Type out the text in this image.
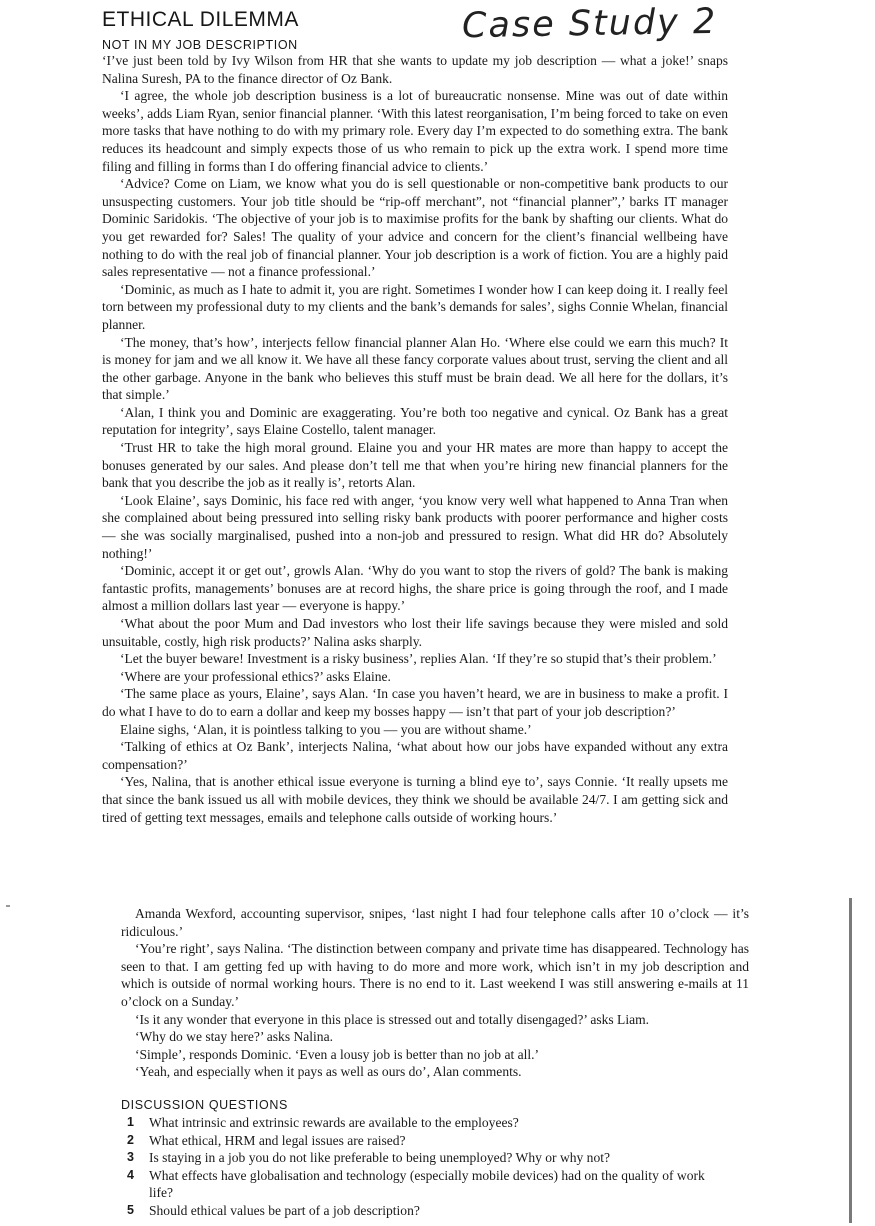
ETHICAL DILEMMA
NOT IN MY JOB DESCRIPTION	Case Study 2

‘I’ve just been told by Ivy Wilson from HR that she wants to update my job description — what a joke!’ snaps Nalina Suresh, PA to the finance director of Oz Bank.

‘I agree, the whole job description business is a lot of bureaucratic nonsense. Mine was out of date within weeks’, adds Liam Ryan, senior financial planner. ‘With this latest reorganisation, I’m being forced to take on even more tasks that have nothing to do with my primary role. Every day I’m expected to do something extra. The bank reduces its headcount and simply expects those of us who remain to pick up the extra work. I spend more time filing and filling in forms than I do offering financial advice to clients.’

‘Advice? Come on Liam, we know what you do is sell questionable or non-competitive bank products to our unsuspecting customers. Your job title should be “rip-off merchant”, not “financial planner”,’ barks IT manager Dominic Saridokis. ‘The objective of your job is to maximise profits for the bank by shafting our clients. What do you get rewarded for? Sales! The quality of your advice and concern for the client’s financial wellbeing have nothing to do with the real job of financial planner. Your job description is a work of fiction. You are a highly paid sales representative — not a finance professional.’

‘Dominic, as much as I hate to admit it, you are right. Sometimes I wonder how I can keep doing it. I really feel torn between my professional duty to my clients and the bank’s demands for sales’, sighs Connie Whelan, financial planner.

‘The money, that’s how’, interjects fellow financial planner Alan Ho. ‘Where else could we earn this much? It is money for jam and we all know it. We have all these fancy corporate values about trust, serving the client and all the other garbage. Anyone in the bank who believes this stuff must be brain dead. We all here for the dollars, it’s that simple.’

‘Alan, I think you and Dominic are exaggerating. You’re both too negative and cynical. Oz Bank has a great reputation for integrity’, says Elaine Costello, talent manager.

‘Trust HR to take the high moral ground. Elaine you and your HR mates are more than happy to accept the bonuses generated by our sales. And please don’t tell me that when you’re hiring new financial planners for the bank that you describe the job as it really is’, retorts Alan.

‘Look Elaine’, says Dominic, his face red with anger, ‘you know very well what happened to Anna Tran when she complained about being pressured into selling risky bank products with poorer performance and higher costs — she was socially marginalised, pushed into a non-job and pressured to resign. What did HR do? Absolutely nothing!’

‘Dominic, accept it or get out’, growls Alan. ‘Why do you want to stop the rivers of gold? The bank is making fantastic profits, managements’ bonuses are at record highs, the share price is going through the roof, and I made almost a million dollars last year — everyone is happy.’

‘What about the poor Mum and Dad investors who lost their life savings because they were misled and sold unsuitable, costly, high risk products?’ Nalina asks sharply.

‘Let the buyer beware! Investment is a risky business’, replies Alan. ‘If they’re so stupid that’s their problem.’

‘Where are your professional ethics?’ asks Elaine.

‘The same place as yours, Elaine’, says Alan. ‘In case you haven’t heard, we are in business to make a profit. I do what I have to do to earn a dollar and keep my bosses happy — isn’t that part of your job description?’

Elaine sighs, ‘Alan, it is pointless talking to you — you are without shame.’

‘Talking of ethics at Oz Bank’, interjects Nalina, ‘what about how our jobs have expanded without any extra compensation?’

‘Yes, Nalina, that is another ethical issue everyone is turning a blind eye to’, says Connie. ‘It really upsets me that since the bank issued us all with mobile devices, they think we should be available 24/7. I am getting sick and tired of getting text messages, emails and telephone calls outside of working hours.’

Amanda Wexford, accounting supervisor, snipes, ‘last night I had four telephone calls after 10 o’clock — it’s ridiculous.’

‘You’re right’, says Nalina. ‘The distinction between company and private time has disappeared. Technology has seen to that. I am getting fed up with having to do more and more work, which isn’t in my job description and which is outside of normal working hours. There is no end to it. Last weekend I was still answering e-mails at 11 o’clock on a Sunday.’

‘Is it any wonder that everyone in this place is stressed out and totally disengaged?’ asks Liam.

‘Why do we stay here?’ asks Nalina.

‘Simple’, responds Dominic. ‘Even a lousy job is better than no job at all.’

‘Yeah, and especially when it pays as well as ours do’, Alan comments.

DISCUSSION QUESTIONS
1	What intrinsic and extrinsic rewards are available to the employees?
2	What ethical, HRM and legal issues are raised?
3	Is staying in a job you do not like preferable to being unemployed? Why or why not?
4	What effects have globalisation and technology (especially mobile devices) had on the quality of work life?
5	Should ethical values be part of a job description?
